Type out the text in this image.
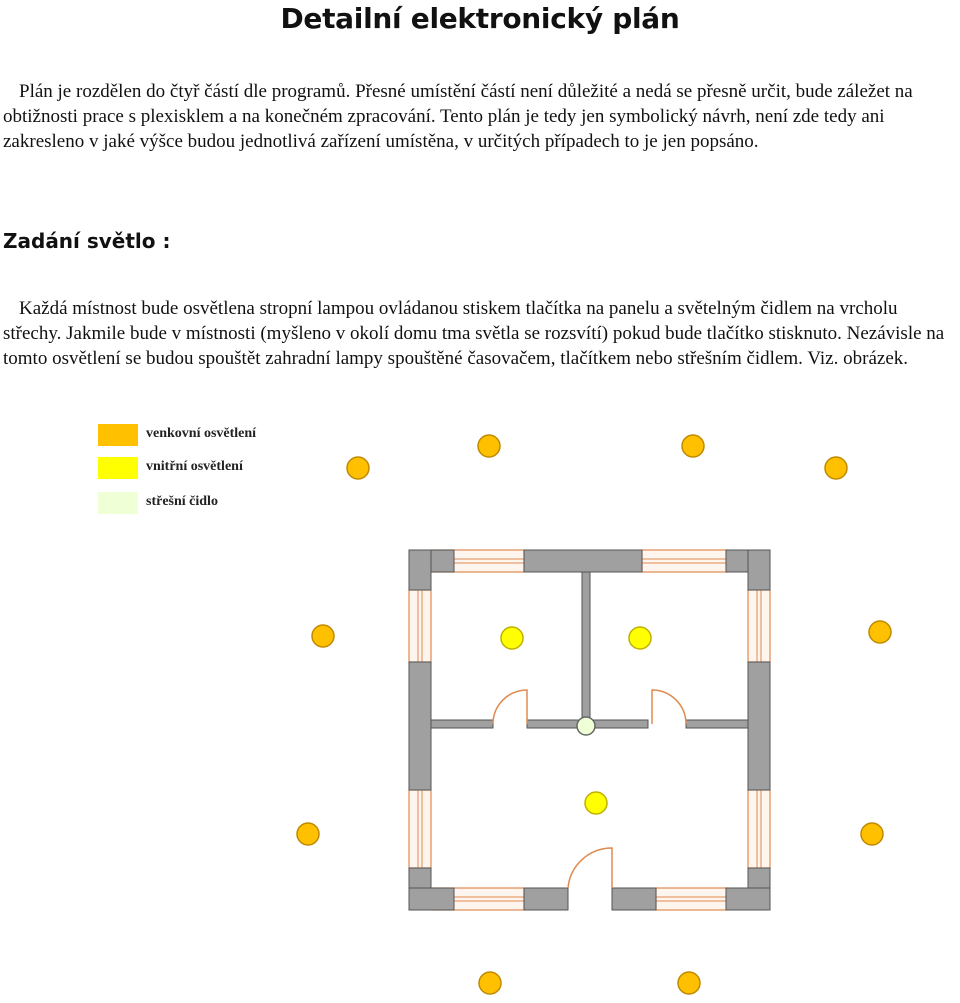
Detailní elektronický plán

Plán je rozdělen do čtyř částí dle programů. Přesné umístění částí není důležité a nedá se přesně určit, bude záležet na obtižnosti prace s plexisklem a na konečném zpracování. Tento plán je tedy jen symbolický návrh, není zde tedy ani zakresleno v jaké výšce budou jednotlivá zařízení umístěna, v určitých případech to je jen popsáno.

Zadání světlo :

Každá místnost bude osvětlena stropní lampou ovládanou stiskem tlačítka na panelu a světelným čidlem na vrcholu střechy. Jakmile bude v místnosti (myšleno v okolí domu tma světla se rozsvítí) pokud bude tlačítko stisknuto. Nezávisle na tomto osvětlení se budou spouštět zahradní lampy spouštěné časovačem, tlačítkem nebo střešním čidlem. Viz. obrázek.

venkovní osvětlení
vnitřní osvětlení
střešní čidlo
